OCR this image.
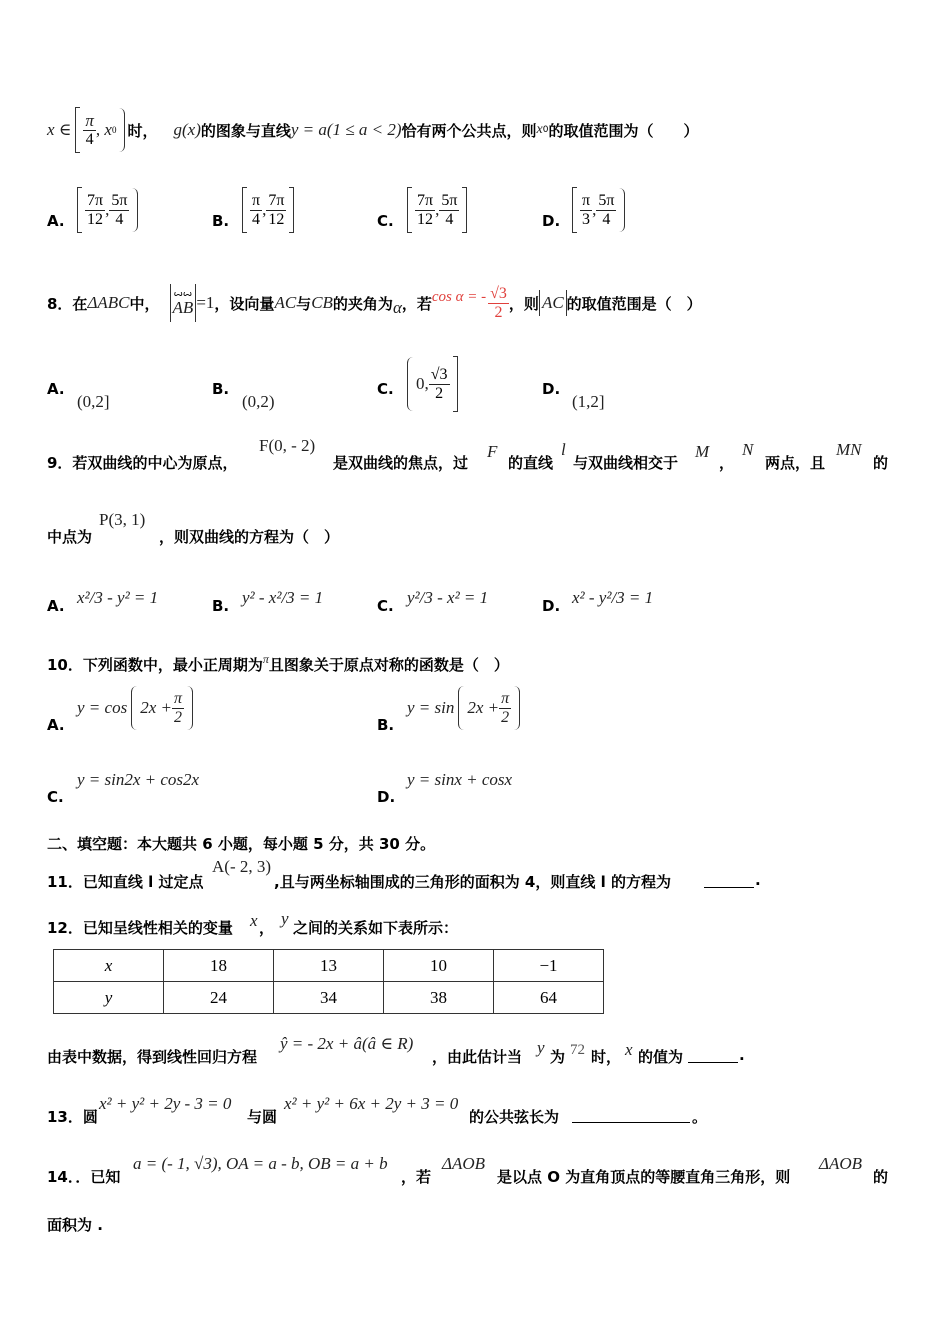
x ∈ $\frac{\pi}{4}$ , x 0 时， g (x) 的图象与直线 y = a(1 ≤ a < 2) 恰有两个公共点，则 x 0 的取值范围为（　　）
A.	$\frac{7\pi}{12}$ , $\frac{5\pi}{4}$	B.	$\frac{\pi}{4}$ , $\frac{7\pi}{12}$	C.	$\frac{7\pi}{12}$ , $\frac{5\pi}{4}$	D.	$\frac{\pi}{3}$ , $\frac{5\pi}{4}$
8．在 ΔABC 中，
ꙍꙍ
AB =1 ，设向量 AC 与 CB 的夹角为 α ，若 cos α = - $\frac{√3}{2}$ ，则 AC 的取值范围是（　）
A.
(0,2]
B.
(0,2)
C. 0, $\frac{√3}{2}$	D.
(1,2]
9．若双曲线的中心为原点，
F(0, - 2)
是双曲线的焦点，过
F
的直线
l
与双曲线相交于
M
，
N
两点，且
MN
的
中点为
P(3, 1)
，则双曲线的方程为（　）
A. x²/3 - y² = 1	B. y² - x²/3 = 1	C. y²/3 - x² = 1	D. x² - y²/3 = 1
10．下列函数中，最小正周期为 π 且图象关于原点对称的函数是（　）
A.
$y = \cos 2x + \frac{\pi}{2}$	B.
$y = \sin 2x + \frac{\pi}{2}$
C.
y = sin2x + cos2x
D.
y = sinx + cosx
二、填空题：本大题共 6 小题，每小题 5 分，共 30 分。
11．已知直线 l 过定点
A(- 2, 3)
,且与两坐标轴围成的三角形的面积为 4，则直线 l 的方程为	.
12．已知呈线性相关的变量 x ， y 之间的关系如下表所示：
x	18	13	10	−1
y	24	34	38	64
由表中数据，得到线性回归方程
ŷ = - 2x + â(â ∈ R)
，由此估计当 y 为 72 时， x 的值为	.
13．圆
x² + y² + 2y - 3 = 0
与圆
x² + y² + 6x + 2y + 3 = 0
的公共弦长为	。
14．．已知
a = (- 1, √3), OA = a - b, OB = a + b
，若
ΔAOB
是以点 O 为直角顶点的等腰直角三角形，则
ΔAOB
的
面积为 .
